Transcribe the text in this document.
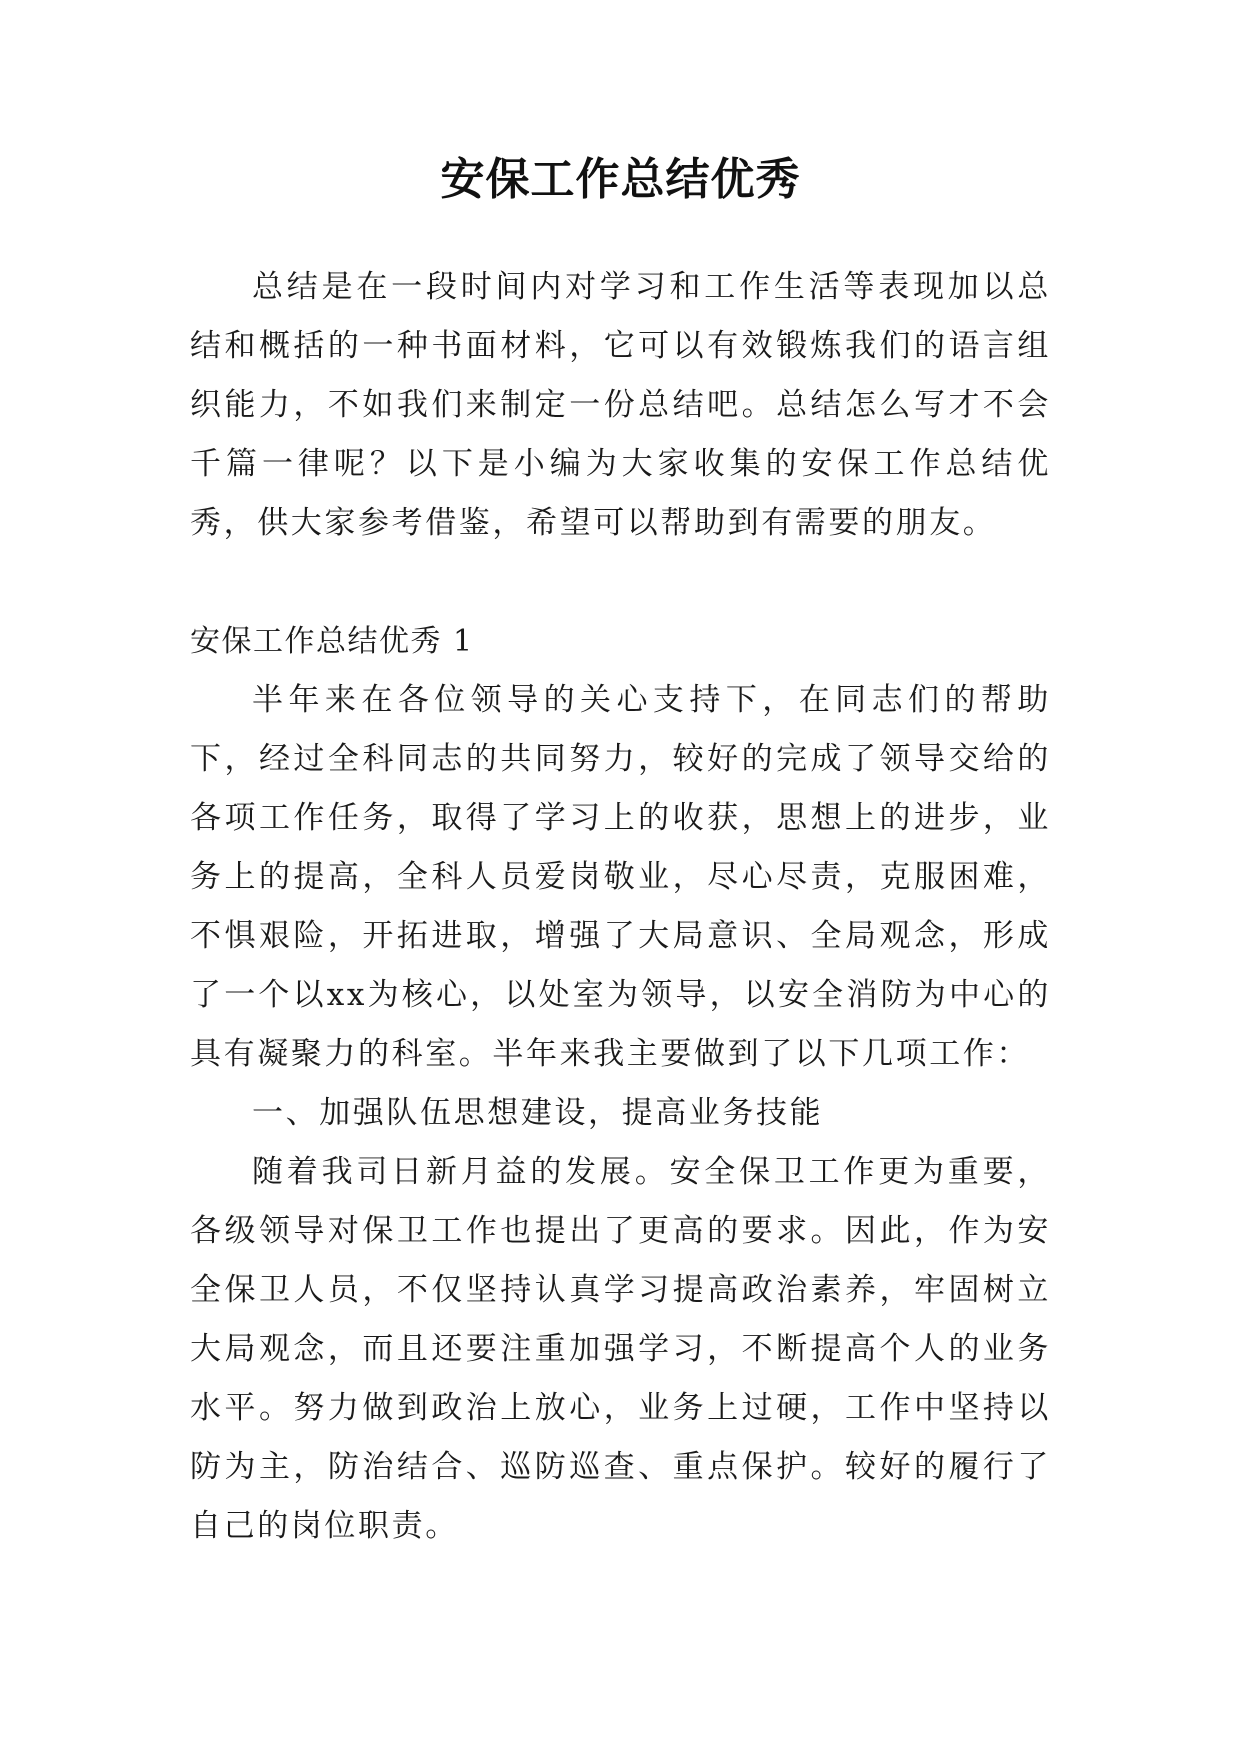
安保工作总结优秀

总结是在一段时间内对学习和工作生活等表现加以总结和概括的一种书面材料，它可以有效锻炼我们的语言组织能力，不如我们来制定一份总结吧。总结怎么写才不会千篇一律呢？以下是小编为大家收集的安保工作总结优秀，供大家参考借鉴，希望可以帮助到有需要的朋友。

安保工作总结优秀 1

半年来在各位领导的关心支持下，在同志们的帮助下，经过全科同志的共同努力，较好的完成了领导交给的各项工作任务，取得了学习上的收获，思想上的进步，业务上的提高，全科人员爱岗敬业，尽心尽责，克服困难，不惧艰险，开拓进取，增强了大局意识、全局观念，形成了一个以xx为核心，以处室为领导，以安全消防为中心的具有凝聚力的科室。半年来我主要做到了以下几项工作：

一、加强队伍思想建设，提高业务技能

随着我司日新月益的发展。安全保卫工作更为重要，各级领导对保卫工作也提出了更高的要求。因此，作为安全保卫人员，不仅坚持认真学习提高政治素养，牢固树立大局观念，而且还要注重加强学习，不断提高个人的业务水平。努力做到政治上放心，业务上过硬，工作中坚持以防为主，防治结合、巡防巡查、重点保护。较好的履行了自己的岗位职责。
